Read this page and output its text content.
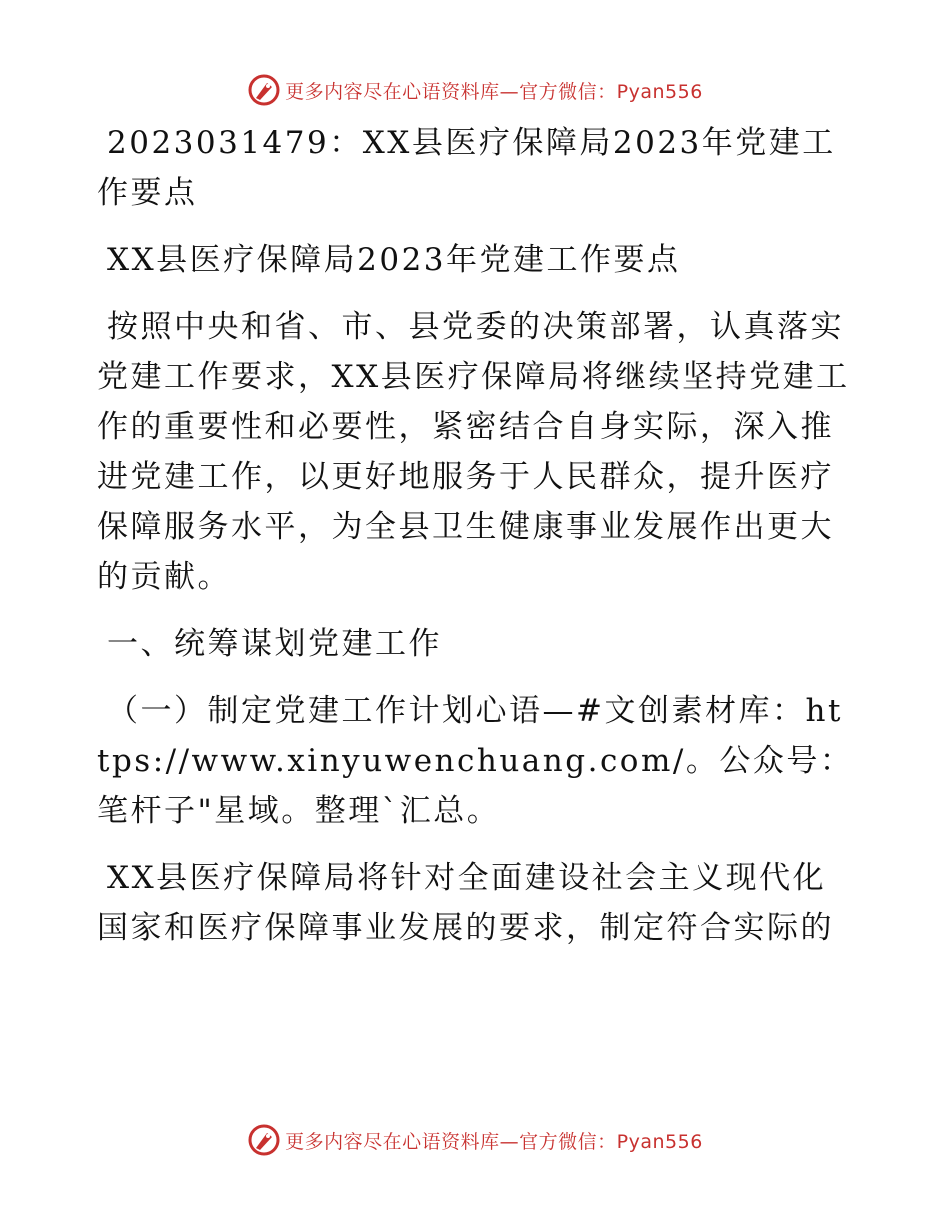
更多内容尽在心语资料库—官方微信：Pyan556

2023031479：XX县医疗保障局2023年党建工作要点

XX县医疗保障局2023年党建工作要点

按照中央和省、市、县党委的决策部署，认真落实党建工作要求，XX县医疗保障局将继续坚持党建工作的重要性和必要性，紧密结合自身实际，深入推进党建工作，以更好地服务于人民群众，提升医疗保障服务水平，为全县卫生健康事业发展作出更大的贡献。

一、统筹谋划党建工作

（一）制定党建工作计划心语—#文创素材库：https://www.xinyuwenchuang.com/。公众号：笔杆子"星域。整理`汇总。

XX县医疗保障局将针对全面建设社会主义现代化国家和医疗保障事业发展的要求，制定符合实际的

更多内容尽在心语资料库—官方微信：Pyan556
